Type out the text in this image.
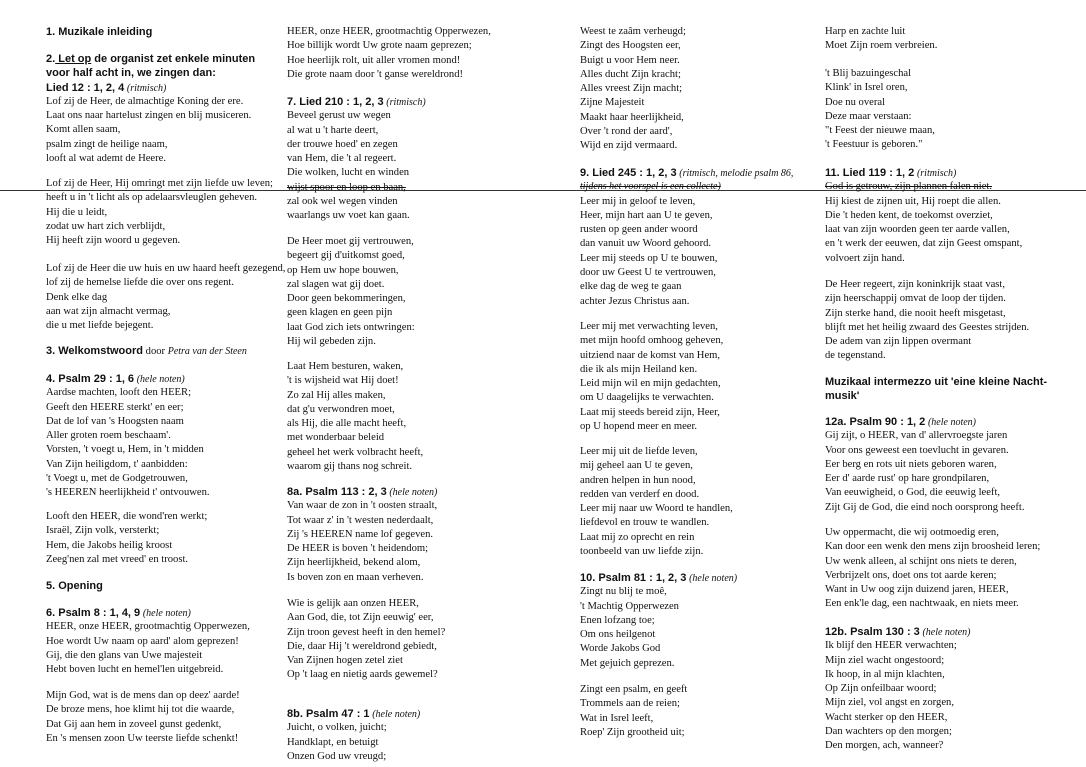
1. Muzikale inleiding
2. Let op de organist zet enkele minuten
voor half acht in, we zingen dan:
Lied 12 : 1, 2, 4 (ritmisch)
Lof zij de Heer, de almachtige Koning der ere.
Laat ons naar hartelust zingen en blij musiceren.
Komt allen saam,
psalm zingt de heilige naam,
looft al wat ademt de Heere.
Lof zij de Heer, Hij omringt met zijn liefde uw leven;
heeft u in 't licht als op adelaarsvleuglen geheven.
Hij die u leidt,
zodat uw hart zich verblijdt,
Hij heeft zijn woord u gegeven.
Lof zij de Heer die uw huis en uw haard heeft gezegend,
lof zij de hemelse liefde die over ons regent.
Denk elke dag
aan wat zijn almacht vermag,
die u met liefde bejegent.
3. Welkomstwoord door Petra van der Steen
4. Psalm 29 : 1, 6 (hele noten)
Aardse machten, looft den HEER;
Geeft den HEERE sterkt' en eer;
Dat de lof van 's Hoogsten naam
Aller groten roem beschaam'.
Vorsten, 't voegt u, Hem, in 't midden
Van Zijn heiligdom, t' aanbidden:
't Voegt u, met de Godgetrouwen,
's HEEREN heerlijkheid t' ontvouwen.
Looft den HEER, die wond'ren werkt;
Israël, Zijn volk, versterkt;
Hem, die Jakobs heilig kroost
Zeeg'nen zal met vreed' en troost.
5. Opening
6. Psalm 8 : 1, 4, 9 (hele noten)
HEER, onze HEER, grootmachtig Opperwezen,
Hoe wordt Uw naam op aard' alom geprezen!
Gij, die den glans van Uwe majesteit
Hebt boven lucht en hemel'len uitgebreid.
Mijn God, wat is de mens dan op deez' aarde!
De broze mens, hoe klimt hij tot die waarde,
Dat Gij aan hem in zoveel gunst gedenkt,
En 's mensen zoon Uw teerste liefde schenkt!
HEER, onze HEER, grootmachtig Opperwezen,
Hoe billijk wordt Uw grote naam geprezen;
Hoe heerlijk rolt, uit aller vromen mond!
Die grote naam door 't ganse wereldrond!
7. Lied 210 : 1, 2, 3 (ritmisch)
Beveel gerust uw wegen
al wat u 't harte deert,
der trouwe hoed' en zegen
van Hem, die 't al regeert.
Die wolken, lucht en winden
wijst spoor en loop en baan,
zal ook wel wegen vinden
waarlangs uw voet kan gaan.
De Heer moet gij vertrouwen,
begeert gij d'uitkomst goed,
op Hem uw hope bouwen,
zal slagen wat gij doet.
Door geen bekommeringen,
geen klagen en geen pijn
laat God zich iets ontwringen:
Hij wil gebeden zijn.
Laat Hem besturen, waken,
't is wijsheid wat Hij doet!
Zo zal Hij alles maken,
dat g'u verwondren moet,
als Hij, die alle macht heeft,
met wonderbaar beleid
geheel het werk volbracht heeft,
waarom gij thans nog schreit.
8a. Psalm 113 : 2, 3 (hele noten)
Van waar de zon in 't oosten straalt,
Tot waar z' in 't westen nederdaalt,
Zij 's HEEREN name lof gegeven.
De HEER is boven 't heidendom;
Zijn heerlijkheid, bekend alom,
Is boven zon en maan verheven.
Wie is gelijk aan onzen HEER,
Aan God, die, tot Zijn eeuwig' eer,
Zijn troon gevest heeft in den hemel?
Die, daar Hij 't wereldrond gebiedt,
Van Zijnen hogen zetel ziet
Op 't laag en nietig aards gewemel?
8b. Psalm 47 : 1 (hele noten)
Juicht, o volken, juicht;
Handklapt, en betuigt
Onzen God uw vreugd;
Weest te zaâm verheugd;
Zingt des Hoogsten eer,
Buigt u voor Hem neer.
Alles ducht Zijn kracht;
Alles vreest Zijn macht;
Zijne Majesteit
Maakt haar heerlijkheid,
Over 't rond der aard',
Wijd en zijd vermaard.
9. Lied 245 : 1, 2, 3 (ritmisch, melodie psalm 86,
tijdens het voorspel is een collecte)
Leer mij in geloof te leven,
Heer, mijn hart aan U te geven,
rusten op geen ander woord
dan vanuit uw Woord gehoord.
Leer mij steeds op U te bouwen,
door uw Geest U te vertrouwen,
elke dag de weg te gaan
achter Jezus Christus aan.
Leer mij met verwachting leven,
met mijn hoofd omhoog geheven,
uitziend naar de komst van Hem,
die ik als mijn Heiland ken.
Leid mijn wil en mijn gedachten,
om U daagelijks te verwachten.
Laat mij steeds bereid zijn, Heer,
op U hopend meer en meer.
Leer mij uit de liefde leven,
mij geheel aan U te geven,
andren helpen in hun nood,
redden van verderf en dood.
Leer mij naar uw Woord te handlen,
liefdevol en trouw te wandlen.
Laat mij zo oprecht en rein
toonbeeld van uw liefde zijn.
10. Psalm 81 : 1, 2, 3 (hele noten)
Zingt nu blij te moê,
't Machtig Opperwezen
Enen lofzang toe;
Om ons heilgenot
Worde Jakobs God
Met gejuich geprezen.
Zingt een psalm, en geeft
Trommels aan de reien;
Wat in Isrel leeft,
Roep' Zijn grootheid uit;
Harp en zachte luit
Moet Zijn roem verbreien.
't Blij bazuingeschal
Klink' in Isrel oren,
Doe nu overal
Deze maar verstaan:
"t Feest der nieuwe maan,
't Feestuur is geboren."
11. Lied 119 : 1, 2 (ritmisch)
God is getrouw, zijn plannen falen niet.
Hij kiest de zijnen uit, Hij roept die allen.
Die 't heden kent, de toekomst overziet,
laat van zijn woorden geen ter aarde vallen,
en 't werk der eeuwen, dat zijn Geest omspant,
volvoert zijn hand.
De Heer regeert, zijn koninkrijk staat vast,
zijn heerschappij omvat de loop der tijden.
Zijn sterke hand, die nooit heeft misgetast,
blijft met het heilig zwaard des Geestes strijden.
De adem van zijn lippen overmant
de tegenstand.
Muzikaal intermezzo uit 'eine kleine Nacht-
musik'
12a. Psalm 90 : 1, 2 (hele noten)
Gij zijt, o HEER, van d' allervroegste jaren
Voor ons geweest een toevlucht in gevaren.
Eer berg en rots uit niets geboren waren,
Eer d' aarde rust' op hare grondpilaren,
Van eeuwigheid, o God, die eeuwig leeft,
Zijt Gij de God, die eind noch oorsprong heeft.
Uw oppermacht, die wij ootmoedig eren,
Kan door een wenk den mens zijn broosheid leren;
Uw wenk alleen, al schijnt ons niets te deren,
Verbrijzelt ons, doet ons tot aarde keren;
Want in Uw oog zijn duizend jaren, HEER,
Een enk'le dag, een nachtwaak, en niets meer.
12b. Psalm 130 : 3 (hele noten)
Ik blijf den HEER verwachten;
Mijn ziel wacht ongestoord;
Ik hoop, in al mijn klachten,
Op Zijn onfeilbaar woord;
Mijn ziel, vol angst en zorgen,
Wacht sterker op den HEER,
Dan wachters op den morgen;
Den morgen, ach, wanneer?
